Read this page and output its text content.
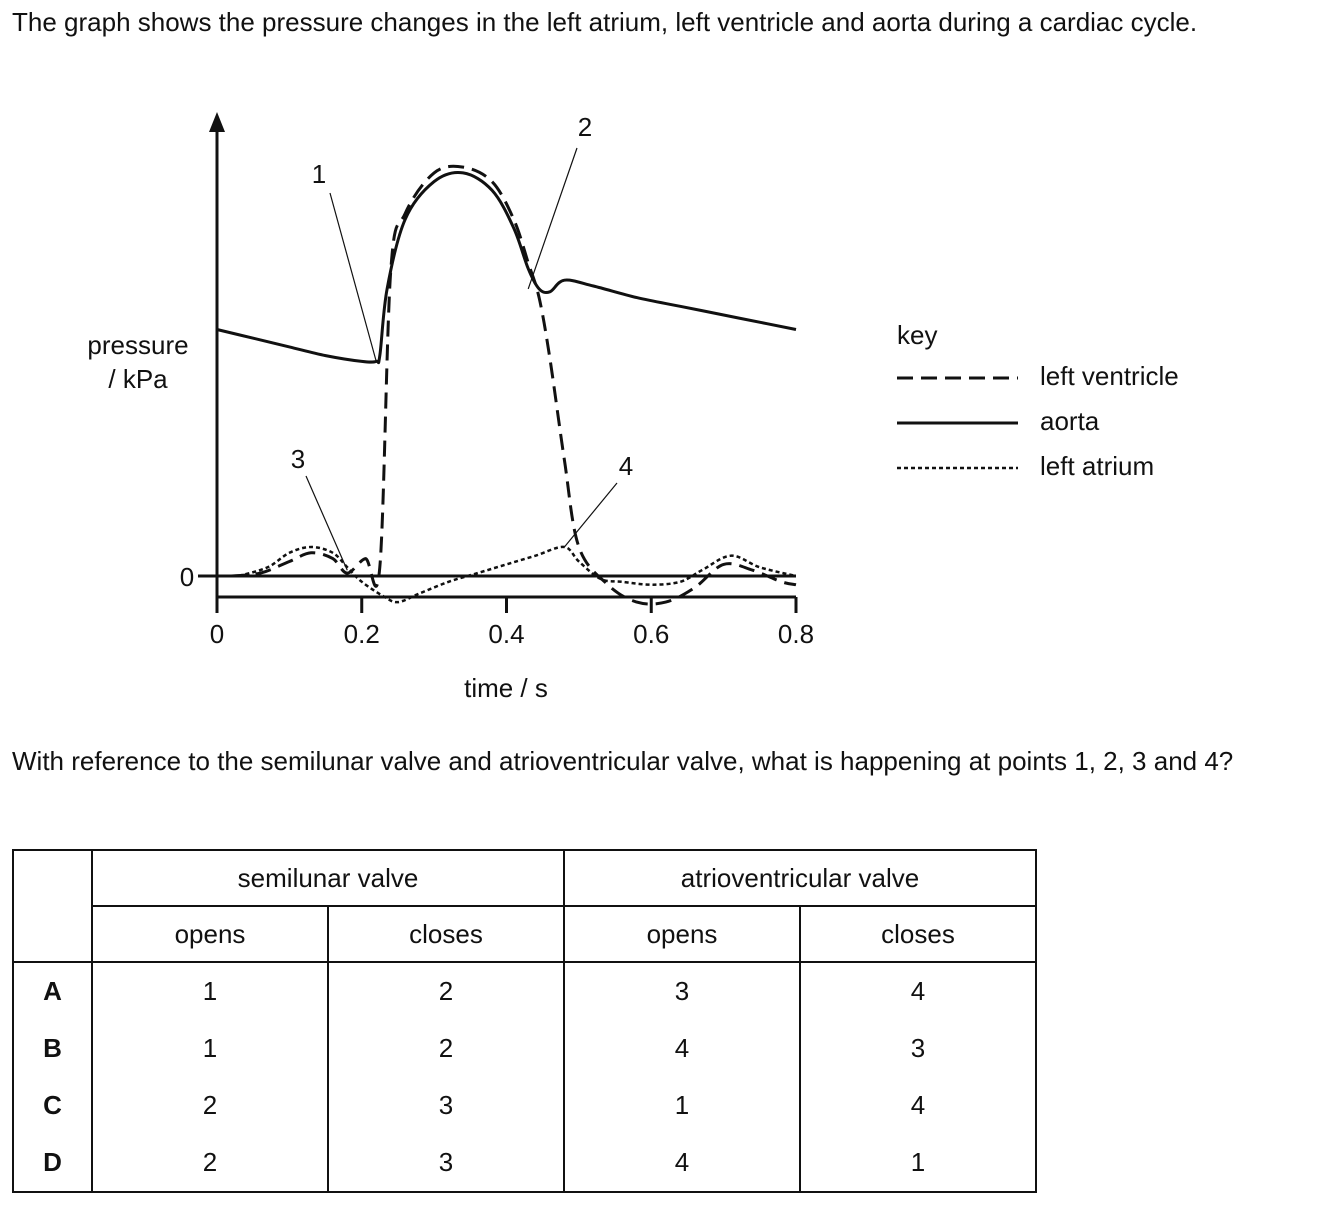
The graph shows the pressure changes in the left atrium, left ventricle and aorta during a cardiac cycle.

0	0.2	0.4	0.6	0.8
0
time / s
pressure
/ kPa
1
2
3	4
key
left ventricle
aorta
left atrium

With reference to the semilunar valve and atrioventricular valve, what is happening at points 1, 2, 3 and 4?

	semilunar valve		atrioventricular valve	
	opens	closes	opens	closes
A	1	2	3	4
B	1	2	4	3
C	2	3	1	4
D	2	3	4	1
